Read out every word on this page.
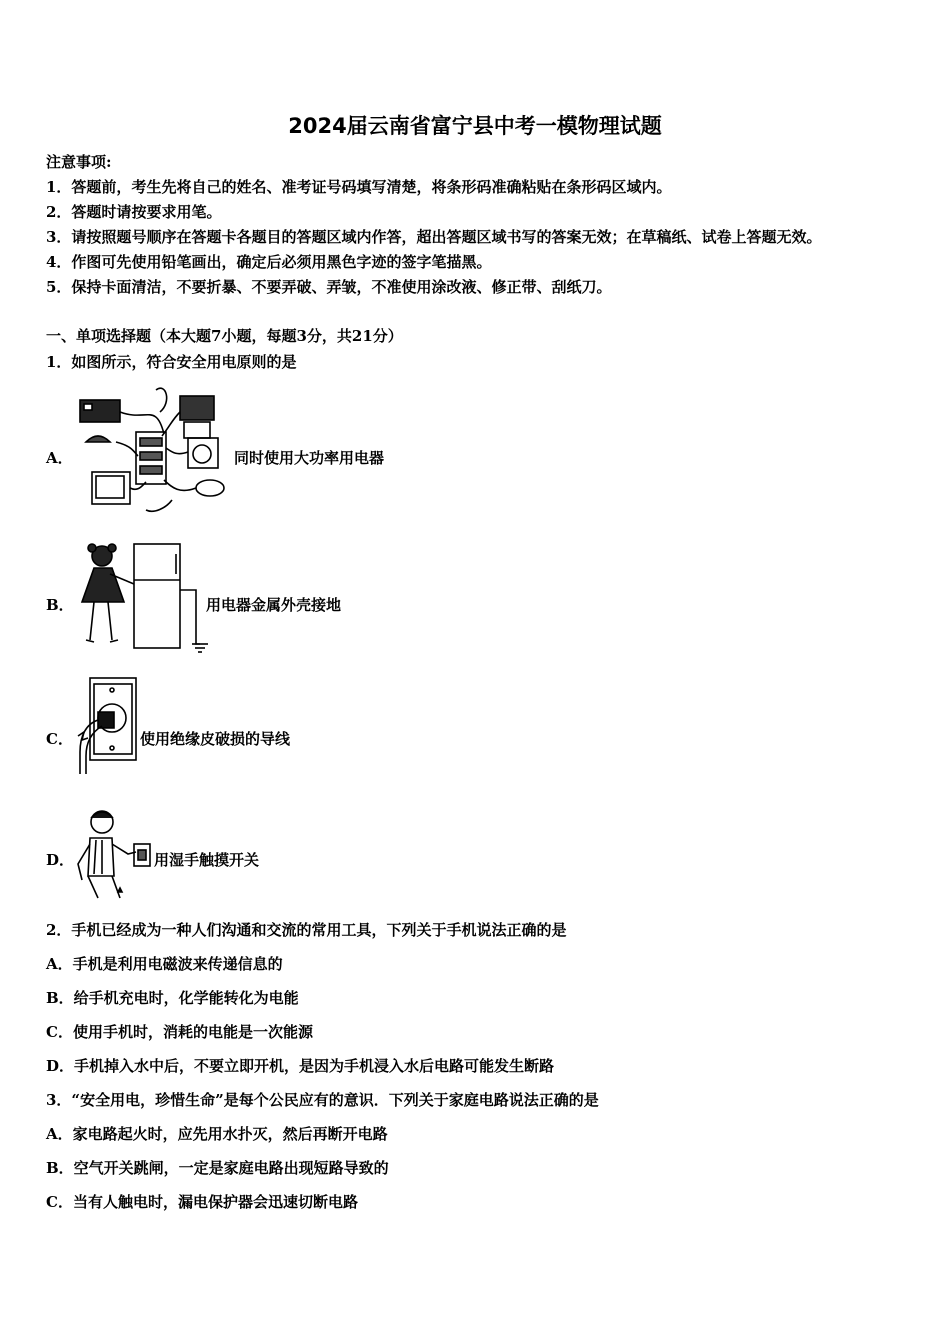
2024届云南省富宁县中考一模物理试题
注意事项:
1．答题前，考生先将自己的姓名、准考证号码填写清楚，将条形码准确粘贴在条形码区域内。
2．答题时请按要求用笔。
3．请按照题号顺序在答题卡各题目的答题区域内作答，超出答题区域书写的答案无效；在草稿纸、试卷上答题无效。
4．作图可先使用铅笔画出，确定后必须用黑色字迹的签字笔描黑。
5．保持卡面清洁，不要折暴、不要弄破、弄皱，不准使用涂改液、修正带、刮纸刀。
一、单项选择题（本大题7小题，每题3分，共21分）
1．如图所示，符合安全用电原则的是
A．	同时使用大功率用电器
B．	用电器金属外壳接地
C．	使用绝缘皮破损的导线
D．	用湿手触摸开关
2．手机已经成为一种人们沟通和交流的常用工具，下列关于手机说法正确的是
A．手机是利用电磁波来传递信息的
B．给手机充电时，化学能转化为电能
C．使用手机时，消耗的电能是一次能源
D．手机掉入水中后，不要立即开机，是因为手机浸入水后电路可能发生断路
3．“安全用电，珍惜生命”是每个公民应有的意识．下列关于家庭电路说法正确的是
A．家电路起火时，应先用水扑灭，然后再断开电路
B．空气开关跳闸，一定是家庭电路出现短路导致的
C．当有人触电时，漏电保护器会迅速切断电路
